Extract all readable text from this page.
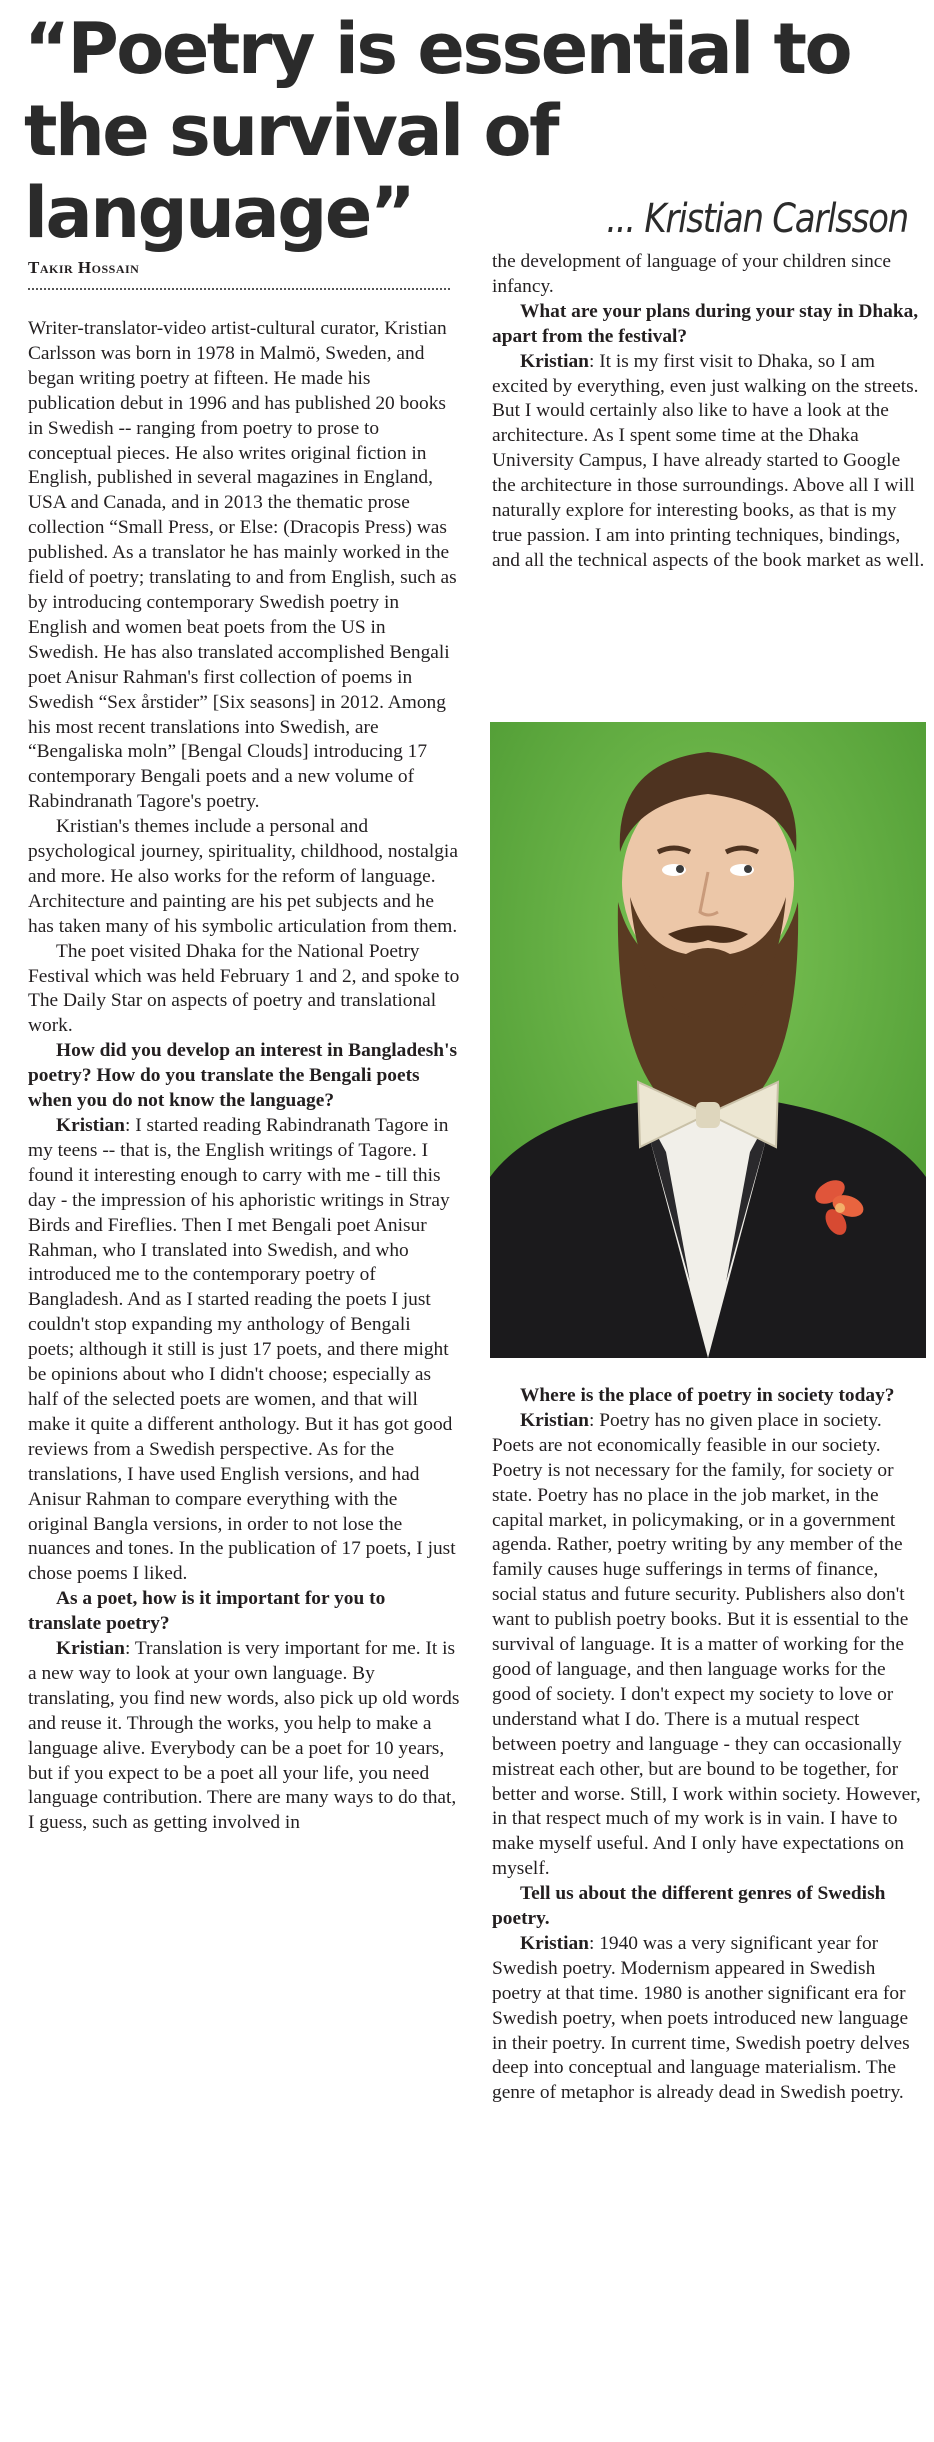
“Poetry is essential to the survival of language”	... Kristian Carlsson
Takir Hossain

Writer-translator-video artist-cultural curator, Kristian Carlsson was born in 1978 in Malmö, Sweden, and began writing poetry at fifteen. He made his publication debut in 1996 and has published 20 books in Swedish -- ranging from poetry to prose to conceptual pieces. He also writes original fiction in English, published in several magazines in England, USA and Canada, and in 2013 the thematic prose collection “Small Press, or Else: (Dracopis Press) was published. As a translator he has mainly worked in the field of poetry; translating to and from English, such as by introducing contemporary Swedish poetry in English and women beat poets from the US in Swedish. He has also translated accomplished Bengali poet Anisur Rahman's first collection of poems in Swedish “Sex årstider” [Six seasons] in 2012. Among his most recent translations into Swedish, are “Bengaliska moln” [Bengal Clouds] introducing 17 contemporary Bengali poets and a new volume of Rabindranath Tagore's poetry.

Kristian's themes include a personal and psychological journey, spirituality, childhood, nostalgia and more. He also works for the reform of language. Architecture and painting are his pet subjects and he has taken many of his symbolic articulation from them.

The poet visited Dhaka for the National Poetry Festival which was held February 1 and 2, and spoke to The Daily Star on aspects of poetry and translational work.

How did you develop an interest in Bangladesh's poetry? How do you translate the Bengali poets when you do not know the language?

Kristian: I started reading Rabindranath Tagore in my teens -- that is, the English writings of Tagore. I found it interesting enough to carry with me - till this day - the impression of his aphoristic writings in Stray Birds and Fireflies. Then I met Bengali poet Anisur Rahman, who I translated into Swedish, and who introduced me to the contemporary poetry of Bangladesh. And as I started reading the poets I just couldn't stop expanding my anthology of Bengali poets; although it still is just 17 poets, and there might be opinions about who I didn't choose; especially as half of the selected poets are women, and that will make it quite a different anthology. But it has got good reviews from a Swedish perspective. As for the translations, I have used English versions, and had Anisur Rahman to compare everything with the original Bangla versions, in order to not lose the nuances and tones. In the publication of 17 poets, I just chose poems I liked.

As a poet, how is it important for you to translate poetry?

Kristian: Translation is very important for me. It is a new way to look at your own language. By translating, you find new words, also pick up old words and reuse it. Through the works, you help to make a language alive. Everybody can be a poet for 10 years, but if you expect to be a poet all your life, you need language contribution. There are many ways to do that, I guess, such as getting involved in

the development of language of your children since infancy.

What are your plans during your stay in Dhaka, apart from the festival?

Kristian: It is my first visit to Dhaka, so I am excited by everything, even just walking on the streets. But I would certainly also like to have a look at the architecture. As I spent some time at the Dhaka University Campus, I have already started to Google the architecture in those surroundings. Above all I will naturally explore for interesting books, as that is my true passion. I am into printing techniques, bindings, and all the technical aspects of the book market as well.

Where is the place of poetry in society today?

Kristian: Poetry has no given place in society. Poets are not economically feasible in our society. Poetry is not necessary for the family, for society or state. Poetry has no place in the job market, in the capital market, in policymaking, or in a government agenda. Rather, poetry writing by any member of the family causes huge sufferings in terms of finance, social status and future security. Publishers also don't want to publish poetry books. But it is essential to the survival of language. It is a matter of working for the good of language, and then language works for the good of society. I don't expect my society to love or understand what I do. There is a mutual respect between poetry and language - they can occasionally mistreat each other, but are bound to be together, for better and worse. Still, I work within society. However, in that respect much of my work is in vain. I have to make myself useful. And I only have expectations on myself.

Tell us about the different genres of Swedish poetry.

Kristian: 1940 was a very significant year for Swedish poetry. Modernism appeared in Swedish poetry at that time. 1980 is another significant era for Swedish poetry, when poets introduced new language in their poetry. In current time, Swedish poetry delves deep into conceptual and language materialism. The genre of metaphor is already dead in Swedish poetry.
